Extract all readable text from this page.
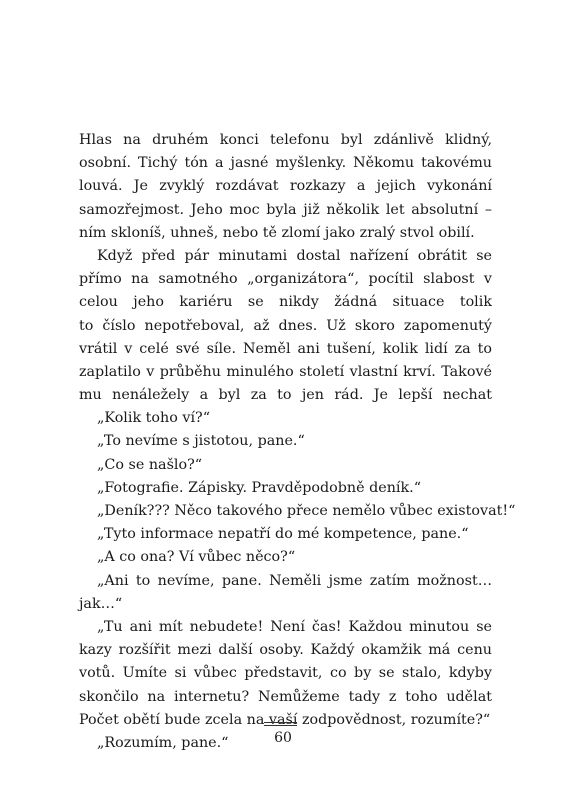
Hlas na druhém konci telefonu byl zdánlivě klidný,
osobní. Tichý tón a jasné myšlenky. Někomu takovému
louvá. Je zvyklý rozdávat rozkazy a jejich vykonání
samozřejmost. Jeho moc byla již několik let absolutní –
ním skloníš, uhneš, nebo tě zlomí jako zralý stvol obilí.
Když před pár minutami dostal nařízení obrátit se
přímo na samotného „organizátora“, pocítil slabost v
celou jeho kariéru se nikdy žádná situace tolik
to číslo nepotřeboval, až dnes. Už skoro zapomenutý
vrátil v celé své síle. Neměl ani tušení, kolik lidí za to
zaplatilo v průběhu minulého století vlastní krví. Takové
mu nenáležely a byl za to jen rád. Je lepší nechat
„Kolik toho ví?“
„To nevíme s jistotou, pane.“
„Co se našlo?“
„Fotografie. Zápisky. Pravděpodobně deník.“
„Deník??? Něco takového přece nemělo vůbec existovat!“
„Tyto informace nepatří do mé kompetence, pane.“
„A co ona? Ví vůbec něco?“
„Ani to nevíme, pane. Neměli jsme zatím možnost…
jak…“
„Tu ani mít nebudete! Není čas! Každou minutou se
kazy rozšířit mezi další osoby. Každý okamžik má cenu
votů. Umíte si vůbec představit, co by se stalo, kdyby
skončilo na internetu? Nemůžeme tady z toho udělat
Počet obětí bude zcela na vaší zodpovědnost, rozumíte?“
„Rozumím, pane.“	60
